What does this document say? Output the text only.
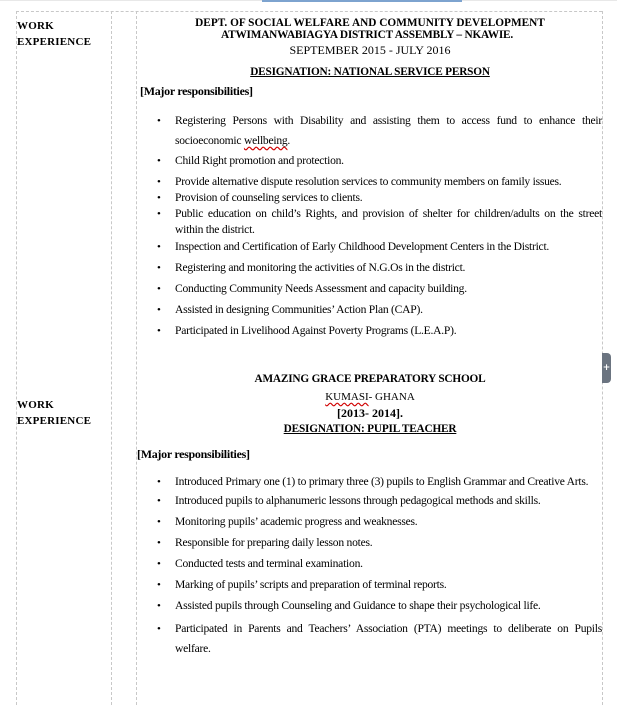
WORK
EXPERIENCE
DEPT. OF SOCIAL WELFARE AND COMMUNITY DEVELOPMENT
ATWIMANWABIAGYA DISTRICT ASSEMBLY – NKAWIE.
SEPTEMBER 2015 - JULY 2016
DESIGNATION: NATIONAL SERVICE PERSON
[Major responsibilities]
• Registering Persons with Disability and assisting them to access fund to enhance their socioeconomic wellbeing.
• Child Right promotion and protection.
• Provide alternative dispute resolution services to community members on family issues.
• Provision of counseling services to clients.
• Public education on child’s Rights, and provision of shelter for children/adults on the street within the district.
• Inspection and Certification of Early Childhood Development Centers in the District.
• Registering and monitoring the activities of N.G.Os in the district.
• Conducting Community Needs Assessment and capacity building.
• Assisted in designing Communities’ Action Plan (CAP).
• Participated in Livelihood Against Poverty Programs (L.E.A.P).
WORK
EXPERIENCE
AMAZING GRACE PREPARATORY SCHOOL
KUMASI- GHANA
[2013- 2014].
DESIGNATION: PUPIL TEACHER
[Major responsibilities]
• Introduced Primary one (1) to primary three (3) pupils to English Grammar and Creative Arts.
• Introduced pupils to alphanumeric lessons through pedagogical methods and skills.
• Monitoring pupils’ academic progress and weaknesses.
• Responsible for preparing daily lesson notes.
• Conducted tests and terminal examination.
• Marking of pupils’ scripts and preparation of terminal reports.
• Assisted pupils through Counseling and Guidance to shape their psychological life.
• Participated in Parents and Teachers’ Association (PTA) meetings to deliberate on Pupils welfare.
+
